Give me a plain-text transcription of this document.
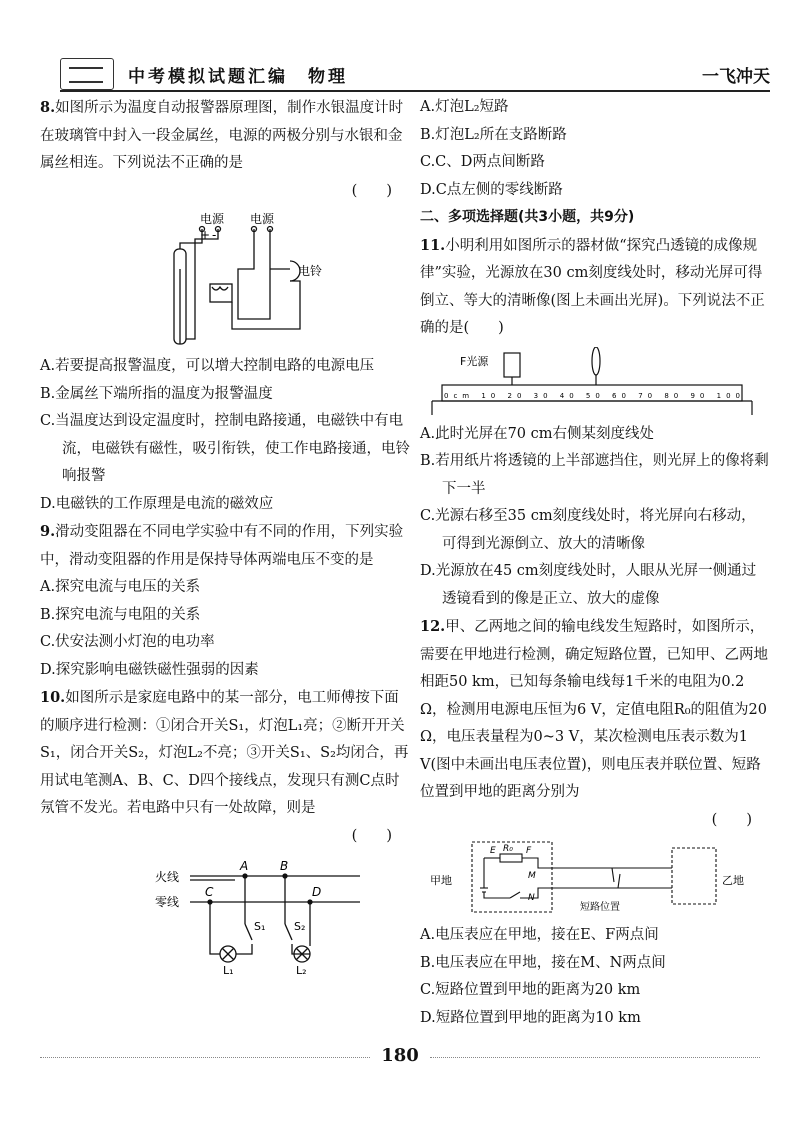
中考模拟试题汇编　物理	一飞冲天

8.如图所示为温度自动报警器原理图，制作水银温度计时在玻璃管中封入一段金属丝，电源的两极分别与水银和金属丝相连。下列说法不正确的是

(　　)

电源 电源
+ -
电铃

A.若要提高报警温度，可以增大控制电路的电源电压

B.金属丝下端所指的温度为报警温度

C.当温度达到设定温度时，控制电路接通，电磁铁中有电流，电磁铁有磁性，吸引衔铁，使工作电路接通，电铃响报警

D.电磁铁的工作原理是电流的磁效应

9.滑动变阻器在不同电学实验中有不同的作用，下列实验中，滑动变阻器的作用是保持导体两端电压不变的是

A.探究电流与电压的关系

B.探究电流与电阻的关系

C.伏安法测小灯泡的电功率

D.探究影响电磁铁磁性强弱的因素

10.如图所示是家庭电路中的某一部分，电工师傅按下面的顺序进行检测：①闭合开关S₁，灯泡L₁亮；②断开开关S₁，闭合开关S₂，灯泡L₂不亮；③开关S₁、S₂均闭合，再用试电笔测A、B、C、D四个接线点，发现只有测C点时氖管不发光。若电路中只有一处故障，则是

(　　)

火线
零线
A	B
C	D
S₁	S₂
L₁	L₂

A.灯泡L₂短路

B.灯泡L₂所在支路断路

C.C、D两点间断路

D.C点左侧的零线断路

二、多项选择题(共3小题，共9分)

11.小明利用如图所示的器材做“探究凸透镜的成像规律”实验，光源放在30 cm刻度线处时，移动光屏可得倒立、等大的清晰像(图上未画出光屏)。下列说法不正确的是(　　)

F光源
0cm 10 20 30 40 50 60 70 80 90 100

A.此时光屏在70 cm右侧某刻度线处

B.若用纸片将透镜的上半部遮挡住，则光屏上的像将剩下一半

C.光源右移至35 cm刻度线处时，将光屏向右移动，可得到光源倒立、放大的清晰像

D.光源放在45 cm刻度线处时，人眼从光屏一侧通过透镜看到的像是正立、放大的虚像

12.甲、乙两地之间的输电线发生短路时，如图所示，需要在甲地进行检测，确定短路位置，已知甲、乙两地相距50 km，已知每条输电线每1千米的电阻为0.2 Ω，检测用电源电压恒为6 V，定值电阻R₀的阻值为20 Ω，电压表量程为0~3 V，某次检测电压表示数为1 V(图中未画出电压表位置)，则电压表并联位置、短路位置到甲地的距离分别为

(　　)

甲地	乙地
短路位置
E R₀ F
M
N

A.电压表应在甲地，接在E、F两点间

B.电压表应在甲地，接在M、N两点间

C.短路位置到甲地的距离为20 km

D.短路位置到甲地的距离为10 km

180
